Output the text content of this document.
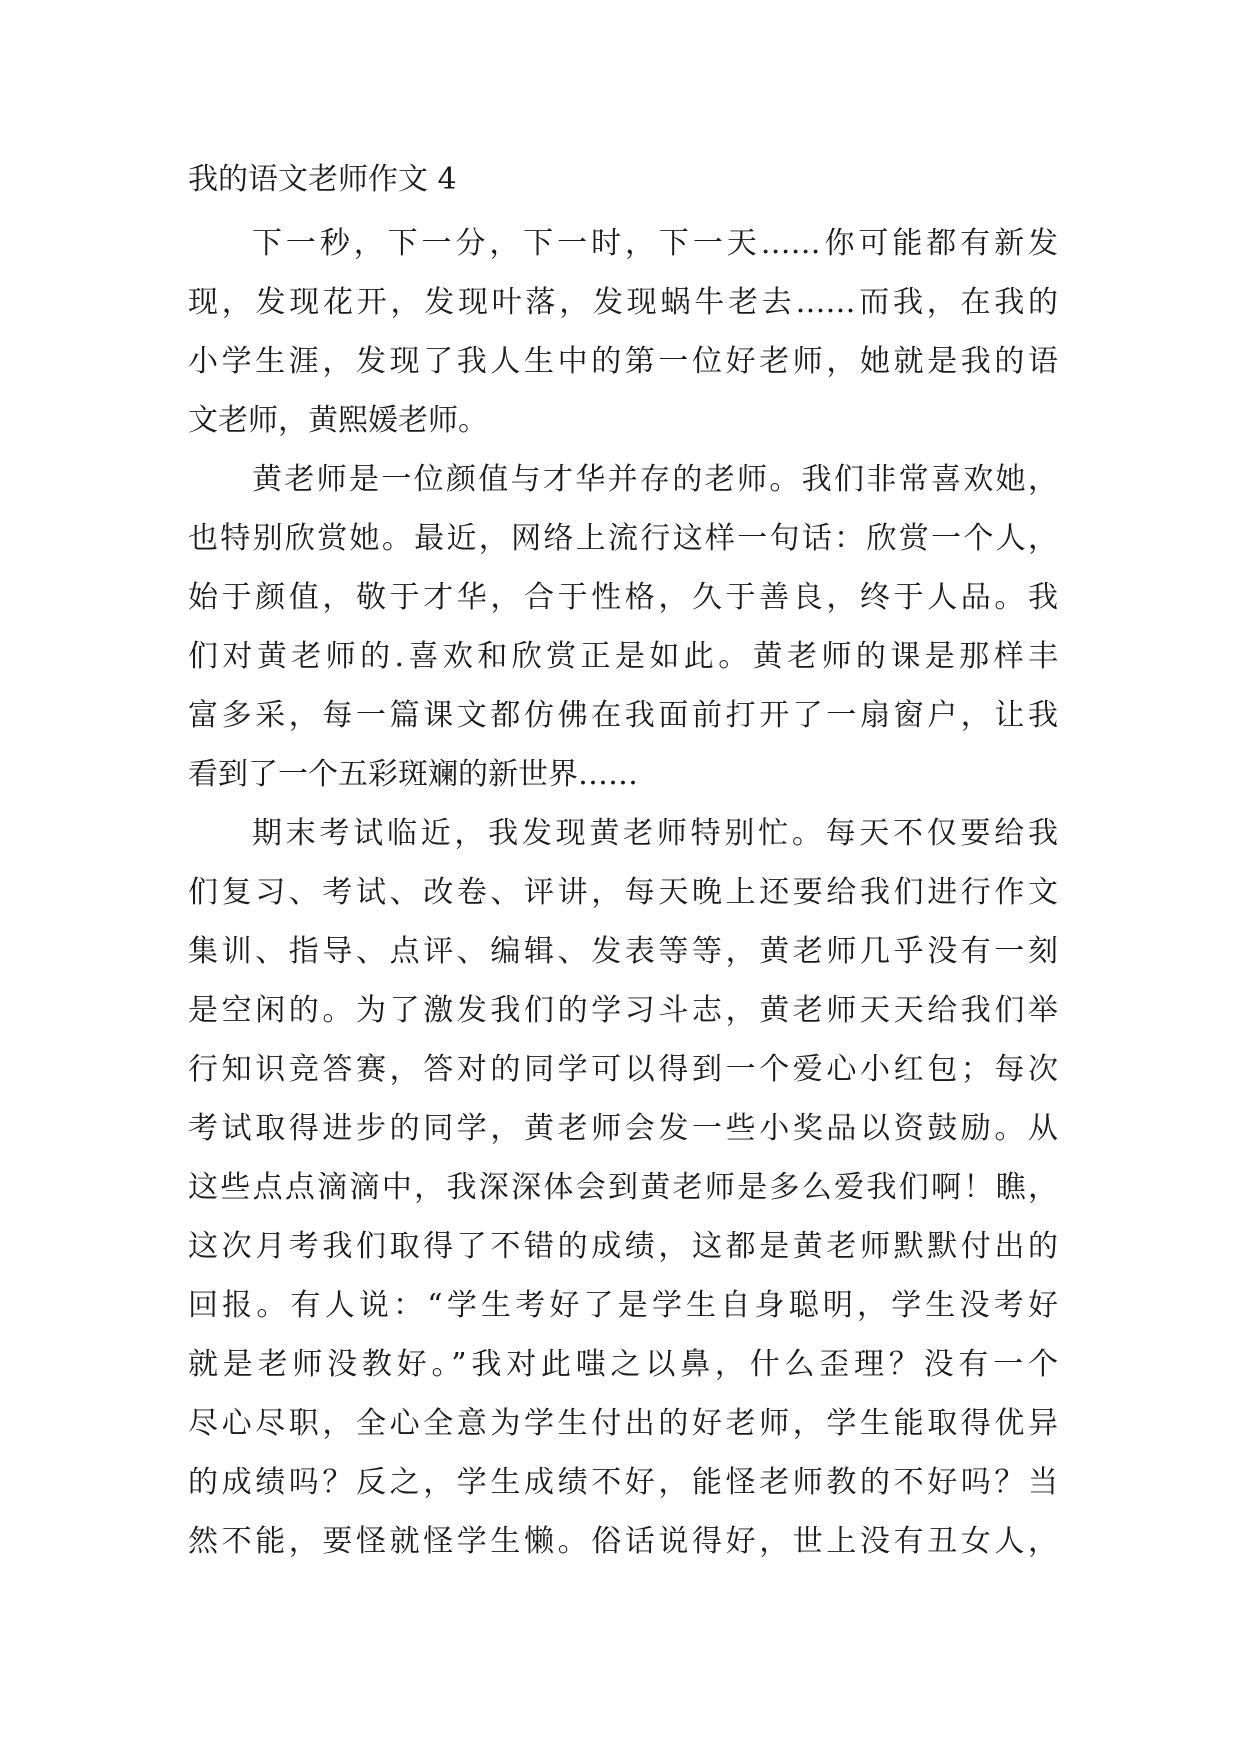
我的语文老师作文 4
下一秒，下一分，下一时，下一天……你可能都有新发
现，发现花开，发现叶落，发现蜗牛老去……而我，在我的
小学生涯，发现了我人生中的第一位好老师，她就是我的语
文老师，黄熙媛老师。
黄老师是一位颜值与才华并存的老师。我们非常喜欢她，
也特别欣赏她。最近，网络上流行这样一句话：欣赏一个人，
始于颜值，敬于才华，合于性格，久于善良，终于人品。我
们对黄老师的.喜欢和欣赏正是如此。黄老师的课是那样丰
富多采，每一篇课文都仿佛在我面前打开了一扇窗户，让我
看到了一个五彩斑斓的新世界……
期末考试临近，我发现黄老师特别忙。每天不仅要给我
们复习、考试、改卷、评讲，每天晚上还要给我们进行作文
集训、指导、点评、编辑、发表等等，黄老师几乎没有一刻
是空闲的。为了激发我们的学习斗志，黄老师天天给我们举
行知识竞答赛，答对的同学可以得到一个爱心小红包；每次
考试取得进步的同学，黄老师会发一些小奖品以资鼓励。从
这些点点滴滴中，我深深体会到黄老师是多么爱我们啊！瞧，
这次月考我们取得了不错的成绩，这都是黄老师默默付出的
回报。有人说：“学生考好了是学生自身聪明，学生没考好
就是老师没教好。”我对此嗤之以鼻，什么歪理？没有一个
尽心尽职，全心全意为学生付出的好老师，学生能取得优异
的成绩吗？反之，学生成绩不好，能怪老师教的不好吗？当
然不能，要怪就怪学生懒。俗话说得好，世上没有丑女人，
